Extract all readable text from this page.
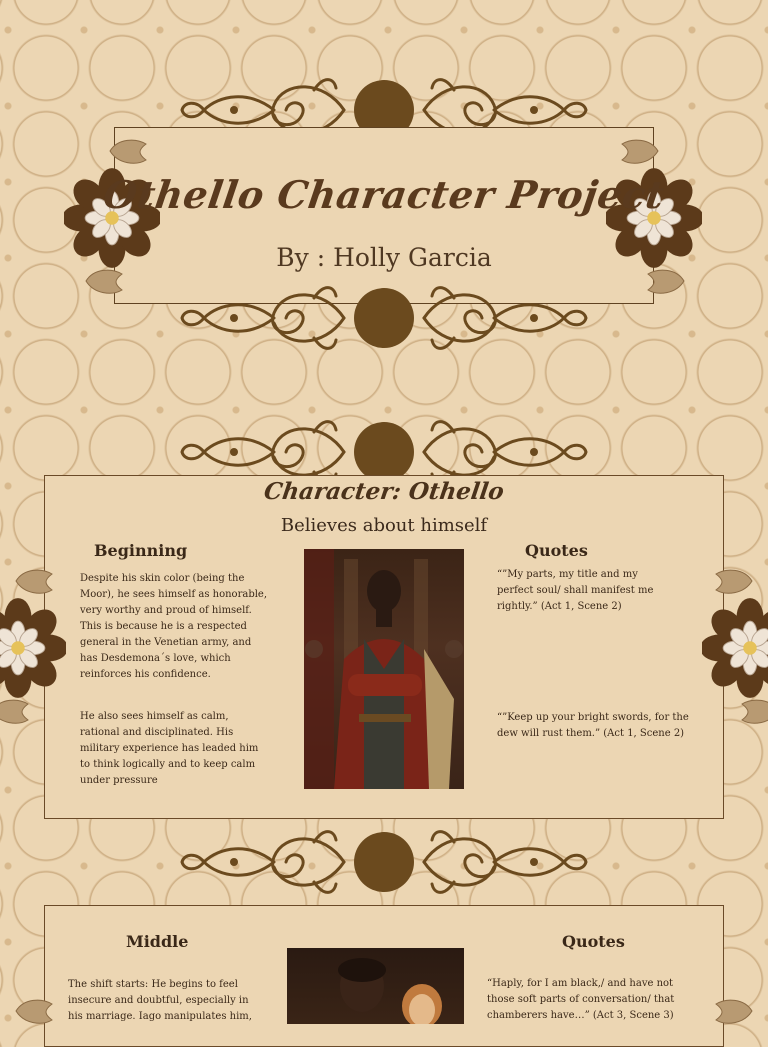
Othello Character Project
By : Holly Garcia
Character: Othello
Believes about himself
Beginning
Despite his skin color (being the Moor), he sees himself as honorable, very worthy and proud of himself. This is because he is a respected general in the Venetian army, and has Desdemona´s love, which reinforces his confidence.
He also sees himself as calm, rational and disciplinated. His military experience has leaded him to think logically and to keep calm under pressure
Quotes
“”My parts, my title and my perfect soul/ shall manifest me rightly.” (Act 1, Scene 2)
“”Keep up your bright swords, for the dew will rust them.” (Act 1, Scene 2)
Middle
The shift starts: He begins to feel insecure and doubtful, especially in his marriage. Iago manipulates him,
Quotes
“Haply, for I am black,/ and have not those soft parts of conversation/ that chamberers have…” (Act 3, Scene 3)
